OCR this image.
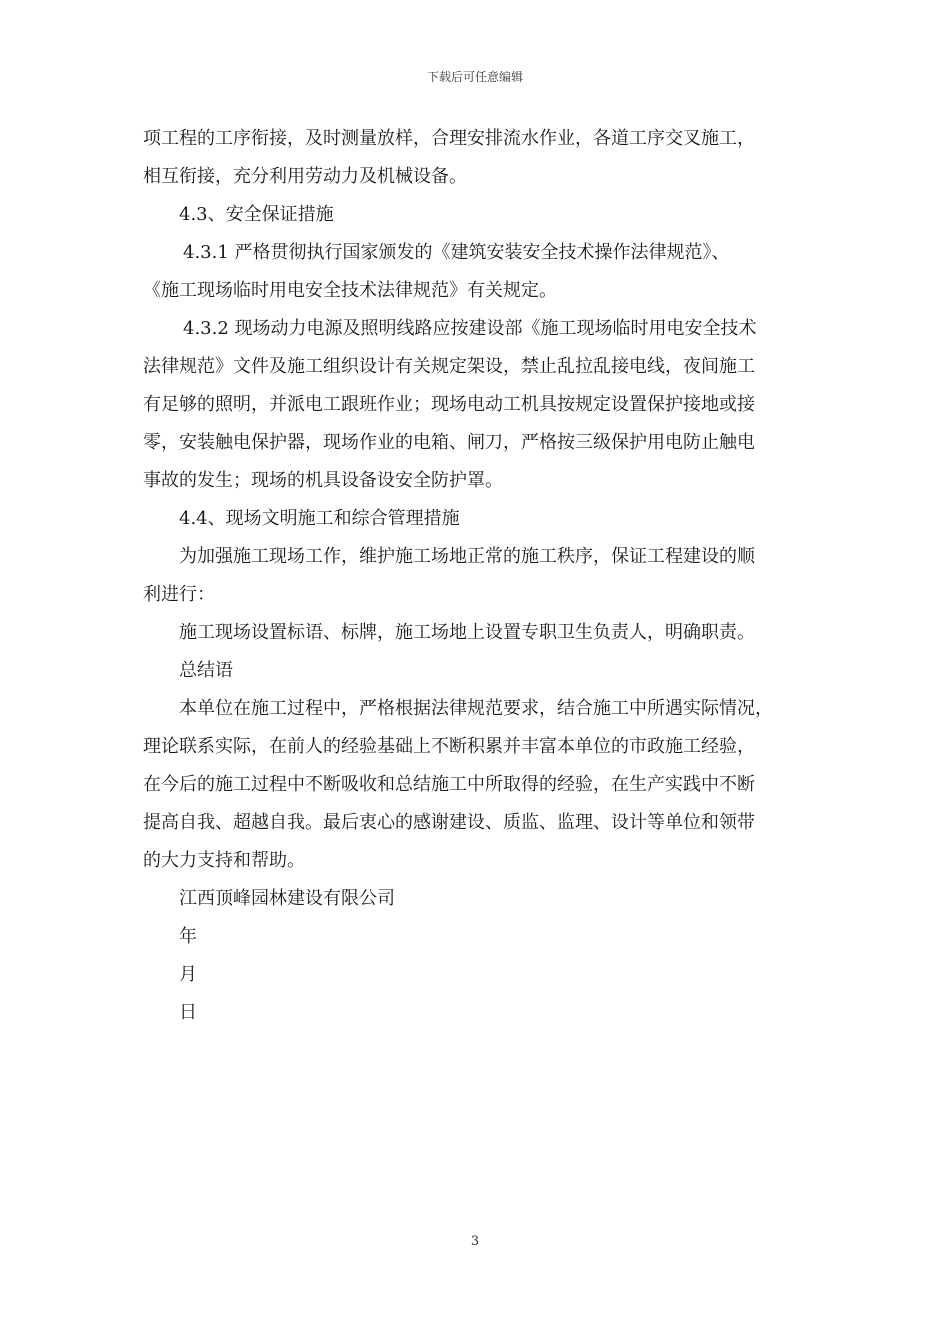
下载后可任意编辑
项工程的工序衔接，及时测量放样，合理安排流水作业，各道工序交叉施工，
相互衔接，充分利用劳动力及机械设备。
4.3、安全保证措施
4.3.1 严格贯彻执行国家颁发的《建筑安装安全技术操作法律规范》、
《施工现场临时用电安全技术法律规范》有关规定。
4.3.2 现场动力电源及照明线路应按建设部《施工现场临时用电安全技术
法律规范》文件及施工组织设计有关规定架设，禁止乱拉乱接电线，夜间施工
有足够的照明，并派电工跟班作业；现场电动工机具按规定设置保护接地或接
零，安装触电保护器，现场作业的电箱、闸刀，严格按三级保护用电防止触电
事故的发生；现场的机具设备设安全防护罩。
4.4、现场文明施工和综合管理措施
为加强施工现场工作，维护施工场地正常的施工秩序，保证工程建设的顺
利进行：
施工现场设置标语、标牌，施工场地上设置专职卫生负责人，明确职责。
总结语
本单位在施工过程中，严格根据法律规范要求，结合施工中所遇实际情况，
理论联系实际，在前人的经验基础上不断积累并丰富本单位的市政施工经验，
在今后的施工过程中不断吸收和总结施工中所取得的经验，在生产实践中不断
提高自我、超越自我。最后衷心的感谢建设、质监、监理、设计等单位和领带
的大力支持和帮助。
江西顶峰园林建设有限公司
年
月
日
3
